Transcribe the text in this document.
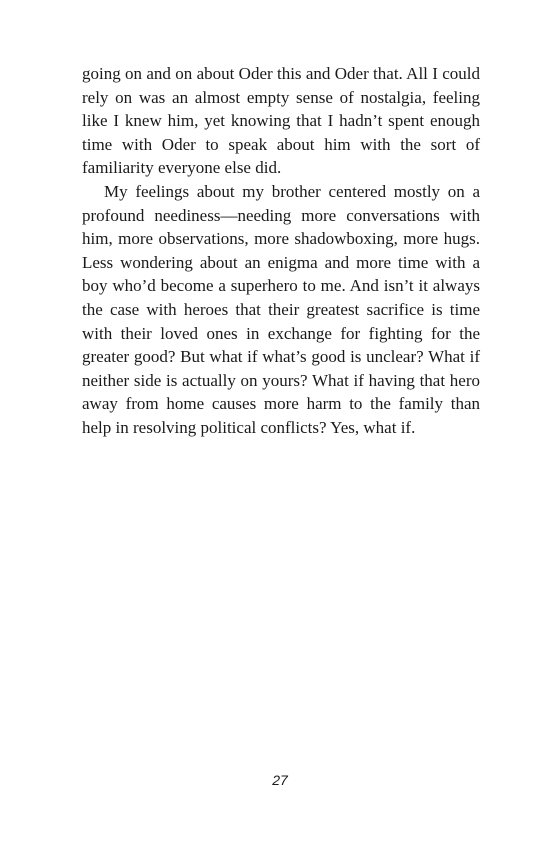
going on and on about Oder this and Oder that. All I could rely on was an almost empty sense of nostalgia, feeling like I knew him, yet knowing that I hadn’t spent enough time with Oder to speak about him with the sort of familiarity everyone else did.

My feelings about my brother centered mostly on a profound neediness—needing more conversations with him, more observations, more shadowboxing, more hugs. Less wondering about an enigma and more time with a boy who’d become a superhero to me. And isn’t it always the case with heroes that their greatest sacrifice is time with their loved ones in exchange for fighting for the greater good? But what if what’s good is unclear? What if neither side is actually on yours? What if having that hero away from home causes more harm to the family than help in resolving political conflicts? Yes, what if.

27
